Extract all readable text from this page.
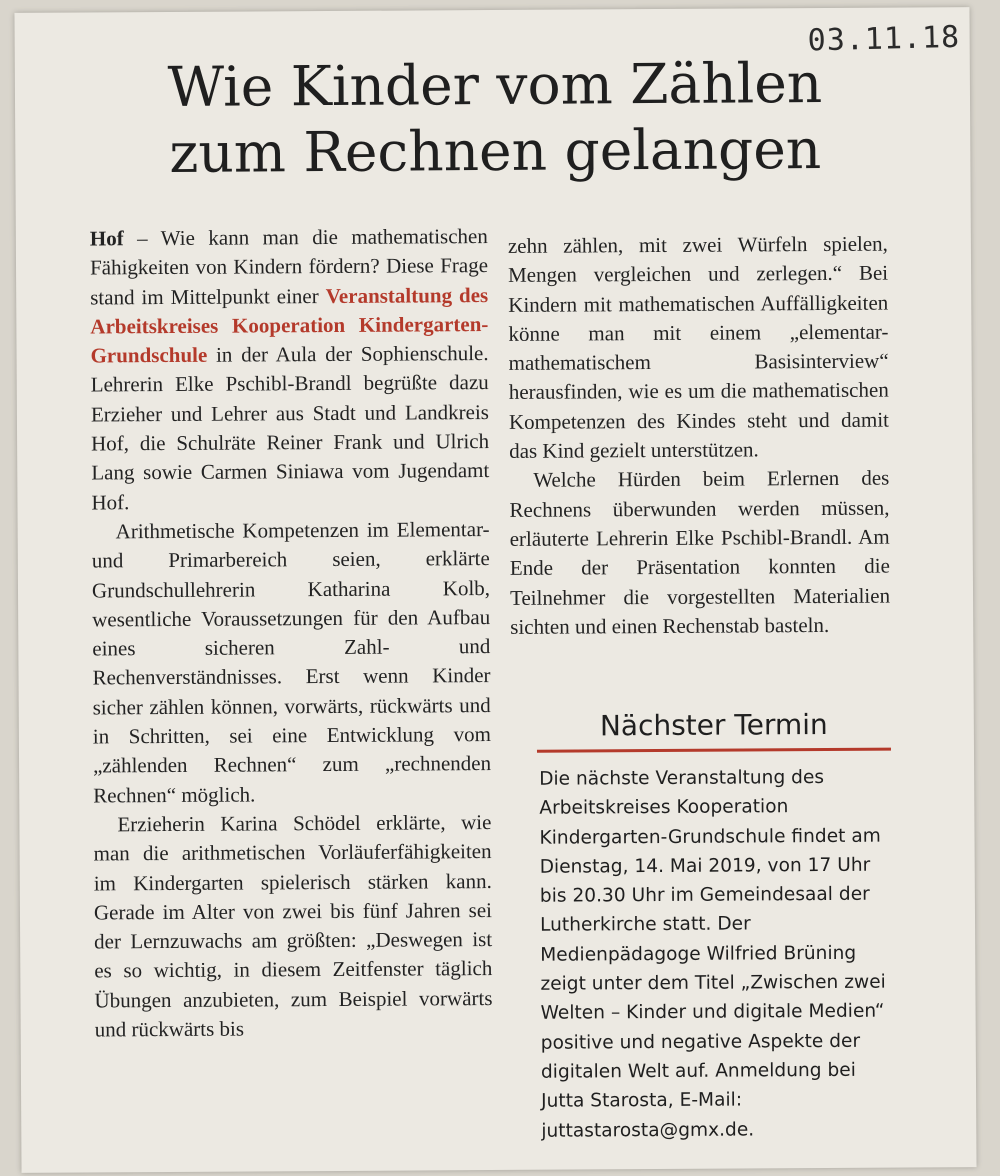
03.11.18
Wie Kinder vom Zählen
zum Rechnen gelangen

Hof – Wie kann man die mathematischen Fähigkeiten von Kindern fördern? Diese Frage stand im Mittelpunkt einer Veranstaltung des Arbeitskreises Kooperation Kindergarten-Grundschule in der Aula der Sophienschule. Lehrerin Elke Pschibl-Brandl begrüßte dazu Erzieher und Lehrer aus Stadt und Landkreis Hof, die Schulräte Reiner Frank und Ulrich Lang sowie Carmen Siniawa vom Jugendamt Hof.

Arithmetische Kompetenzen im Elementar-und Primarbereich seien, erklärte Grundschullehrerin Katharina Kolb, wesentliche Voraussetzungen für den Aufbau eines sicheren Zahl- und Rechenverständnisses. Erst wenn Kinder sicher zählen können, vorwärts, rückwärts und in Schritten, sei eine Entwicklung vom „zählenden Rechnen“ zum „rechnenden Rechnen“ möglich.

Erzieherin Karina Schödel erklärte, wie man die arithmetischen Vorläuferfähigkeiten im Kindergarten spielerisch stärken kann. Gerade im Alter von zwei bis fünf Jahren sei der Lernzuwachs am größten: „Deswegen ist es so wichtig, in diesem Zeitfenster täglich Übungen anzubieten, zum Beispiel vorwärts und rückwärts bis

zehn zählen, mit zwei Würfeln spielen, Mengen vergleichen und zerlegen.“ Bei Kindern mit mathematischen Auffälligkeiten könne man mit einem „elementar-mathematischem Basisinterview“ herausfinden, wie es um die mathematischen Kompetenzen des Kindes steht und damit das Kind gezielt unterstützen.

Welche Hürden beim Erlernen des Rechnens überwunden werden müssen, erläuterte Lehrerin Elke Pschibl-Brandl. Am Ende der Präsentation konnten die Teilnehmer die vorgestellten Materialien sichten und einen Rechenstab basteln.

Nächster Termin

Die nächste Veranstaltung des Arbeitskreises Kooperation Kindergarten-Grundschule findet am Dienstag, 14. Mai 2019, von 17 Uhr bis 20.30 Uhr im Gemeindesaal der Lutherkirche statt. Der Medienpädagoge Wilfried Brüning zeigt unter dem Titel „Zwischen zwei Welten – Kinder und digitale Medien“ positive und negative Aspekte der digitalen Welt auf. Anmeldung bei Jutta Starosta, E-Mail: juttastarosta@gmx.de.
